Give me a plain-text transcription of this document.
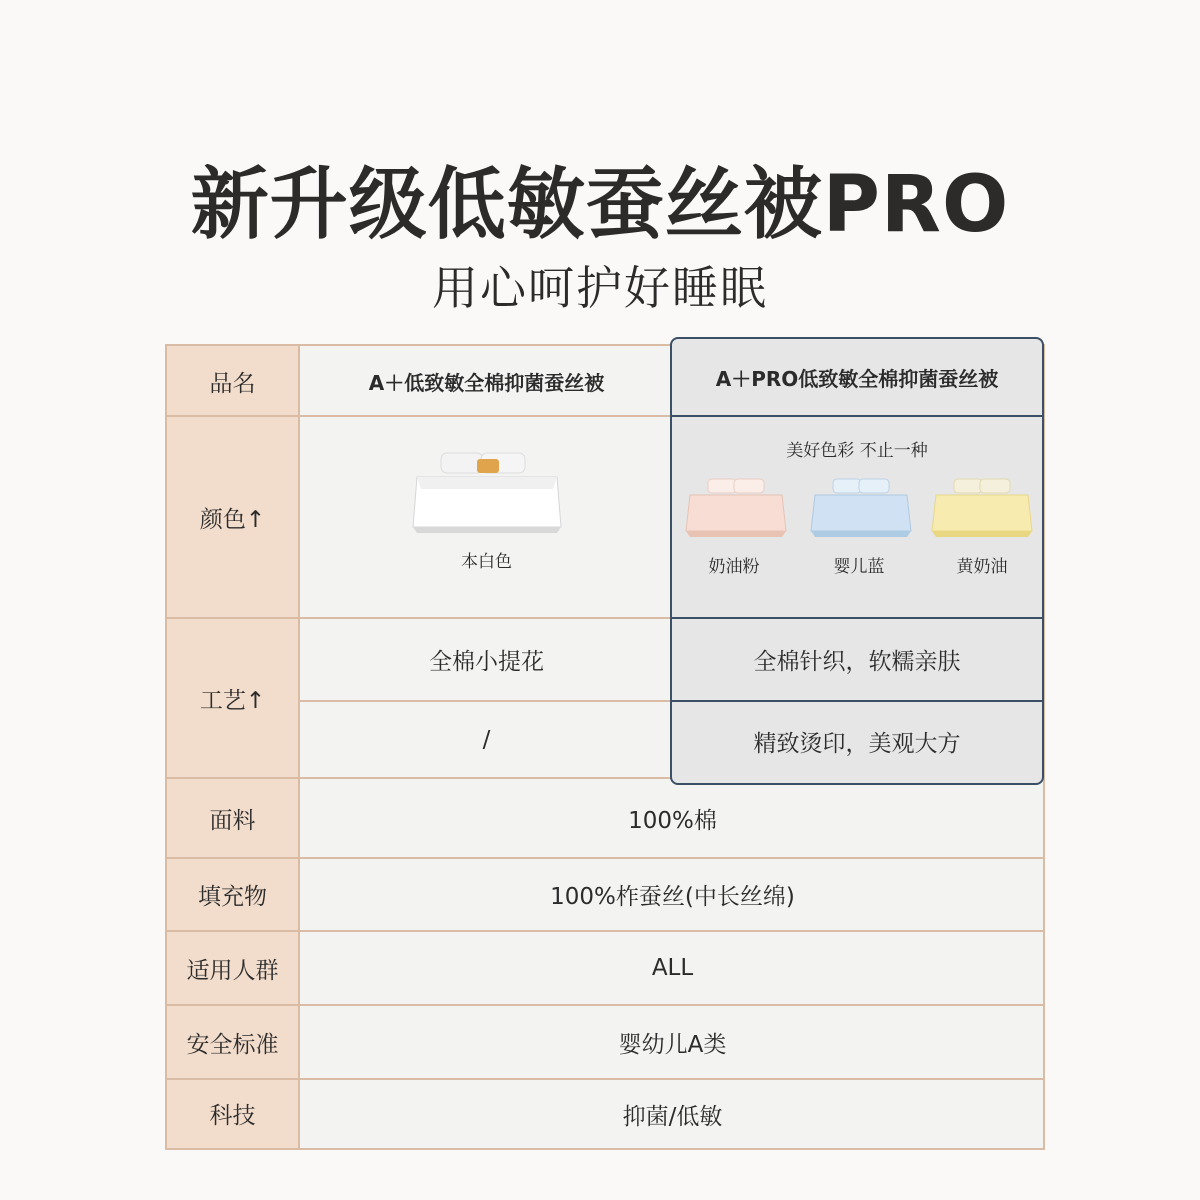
新升级低敏蚕丝被PRO
用心呵护好睡眠
品名
颜色↑
工艺↑
面料
填充物
适用人群
安全标准
科技
A＋低致敏全棉抑菌蚕丝被
本白色
全棉小提花
/
100%棉
100%柞蚕丝(中长丝绵)
ALL
婴幼儿A类
抑菌/低敏
A＋PRO低致敏全棉抑菌蚕丝被
美好色彩 不止一种
奶油粉	婴儿蓝	黄奶油
全棉针织，软糯亲肤
精致烫印，美观大方
